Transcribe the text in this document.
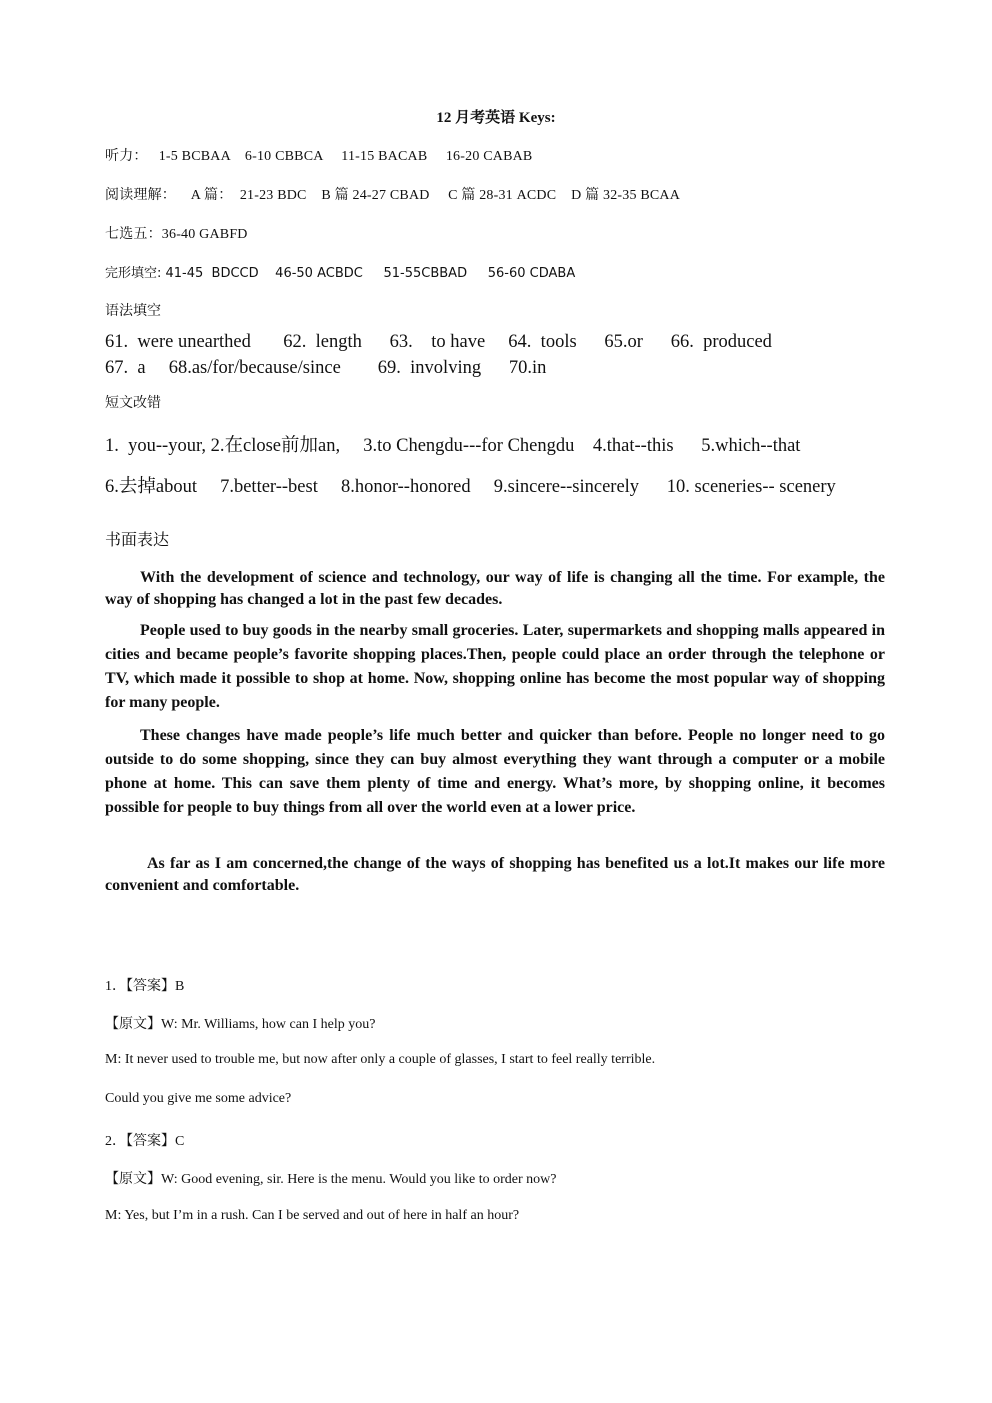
12 月考英语 Keys:
听力：   1-5 BCBAA    6-10 CBBCA     11-15 BACAB     16-20 CABAB
阅读理解：    A 篇：  21-23 BDC    B 篇 24-27 CBAD     C 篇 28-31 ACDC    D 篇 32-35 BCAA
七选五：36-40 GABFD
完形填空: 41-45  BDCCD    46-50 ACBDC     51-55CBBAD     56-60 CDABA
语法填空
61.  were unearthed       62.  length      63.    to have     64.  tools      65.or      66.  produced
67.  a     68.as/for/because/since        69.  involving      70.in
短文改错
1.  you--your, 2.在close前加an,     3.to Chengdu---for Chengdu    4.that--this      5.which--that
6.去掉about     7.better--best     8.honor--honored     9.sincere--sincerely      10. sceneries-- scenery
书面表达
With the development of science and technology, our way of life is changing all the time. For example, the way of shopping has changed a lot in the past few decades.
People used to buy goods in the nearby small groceries. Later, supermarkets and shopping malls appeared in cities and became people’s favorite shopping places.Then, people could place an order through the telephone or TV, which made it possible to shop at home. Now, shopping online has become the most popular way of shopping for many people.
These changes have made people’s life much better and quicker than before. People no longer need to go outside to do some shopping, since they can buy almost everything they want through a computer or a mobile phone at home. This can save them plenty of time and energy. What’s more, by shopping online, it becomes possible for people to buy things from all over the world even at a lower price.
As far as I am concerned,the change of the ways of shopping has benefited us a lot.It makes our life more convenient and comfortable.
1．【答案】B
【原文】W: Mr. Williams, how can I help you?
M: It never used to trouble me, but now after only a couple of glasses, I start to feel really terrible.
Could you give me some advice?
2．【答案】C
【原文】W: Good evening, sir. Here is the menu. Would you like to order now?
M: Yes, but I’m in a rush. Can I be served and out of here in half an hour?
